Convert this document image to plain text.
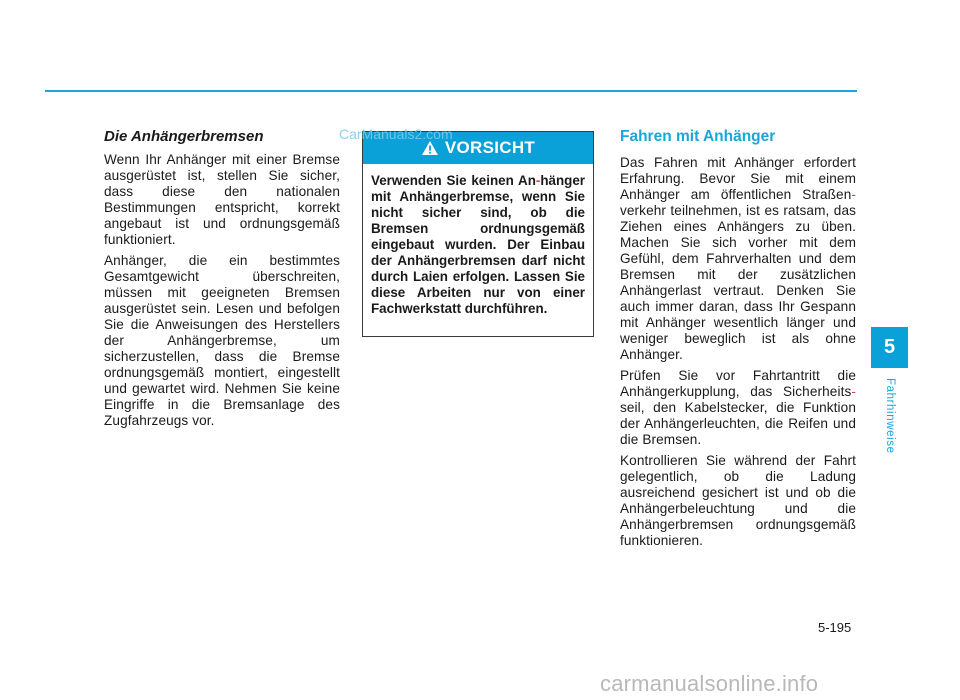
Die Anhängerbremsen

Wenn Ihr Anhänger mit einer Bremse ausgerüstet ist, stellen Sie sicher, dass diese den nationalen Bestimmungen entspricht, korrekt angebaut ist und ordnungsgemäß funktioniert.

Anhänger, die ein bestimmtes Gesamtgewicht überschreiten, müssen mit geeigneten Bremsen ausgerüstet sein. Lesen und befolgen Sie die Anweisungen des Herstellers der Anhängerbremse, um sicherzustellen, dass die Bremse ordnungsgemäß montiert, eingestellt und gewartet wird. Nehmen Sie keine Eingriffe in die Bremsanlage des Zugfahrzeugs vor.

VORSICHT
Verwenden Sie keinen An-hänger mit Anhängerbremse, wenn Sie nicht sicher sind, ob die Bremsen ordnungsgemäß eingebaut wurden. Der Einbau der Anhängerbremsen darf nicht durch Laien erfolgen. Lassen Sie diese Arbeiten nur von einer Fachwerkstatt durchführen.
Fahren mit Anhänger

Das Fahren mit Anhänger erfordert Erfahrung. Bevor Sie mit einem Anhänger am öffentlichen Straßen-verkehr teilnehmen, ist es ratsam, das Ziehen eines Anhängers zu üben. Machen Sie sich vorher mit dem Gefühl, dem Fahrverhalten und dem Bremsen mit der zusätzlichen Anhängerlast vertraut. Denken Sie auch immer daran, dass Ihr Gespann mit Anhänger wesentlich länger und weniger beweglich ist als ohne Anhänger.

Prüfen Sie vor Fahrtantritt die Anhängerkupplung, das Sicherheits-seil, den Kabelstecker, die Funktion der Anhängerleuchten, die Reifen und die Bremsen.

Kontrollieren Sie während der Fahrt gelegentlich, ob die Ladung ausreichend gesichert ist und ob die Anhängerbeleuchtung und die Anhängerbremsen ordnungsgemäß funktionieren.

5
Fahrhinweise
5-195
CarManuals2.com
carmanualsonline.info
